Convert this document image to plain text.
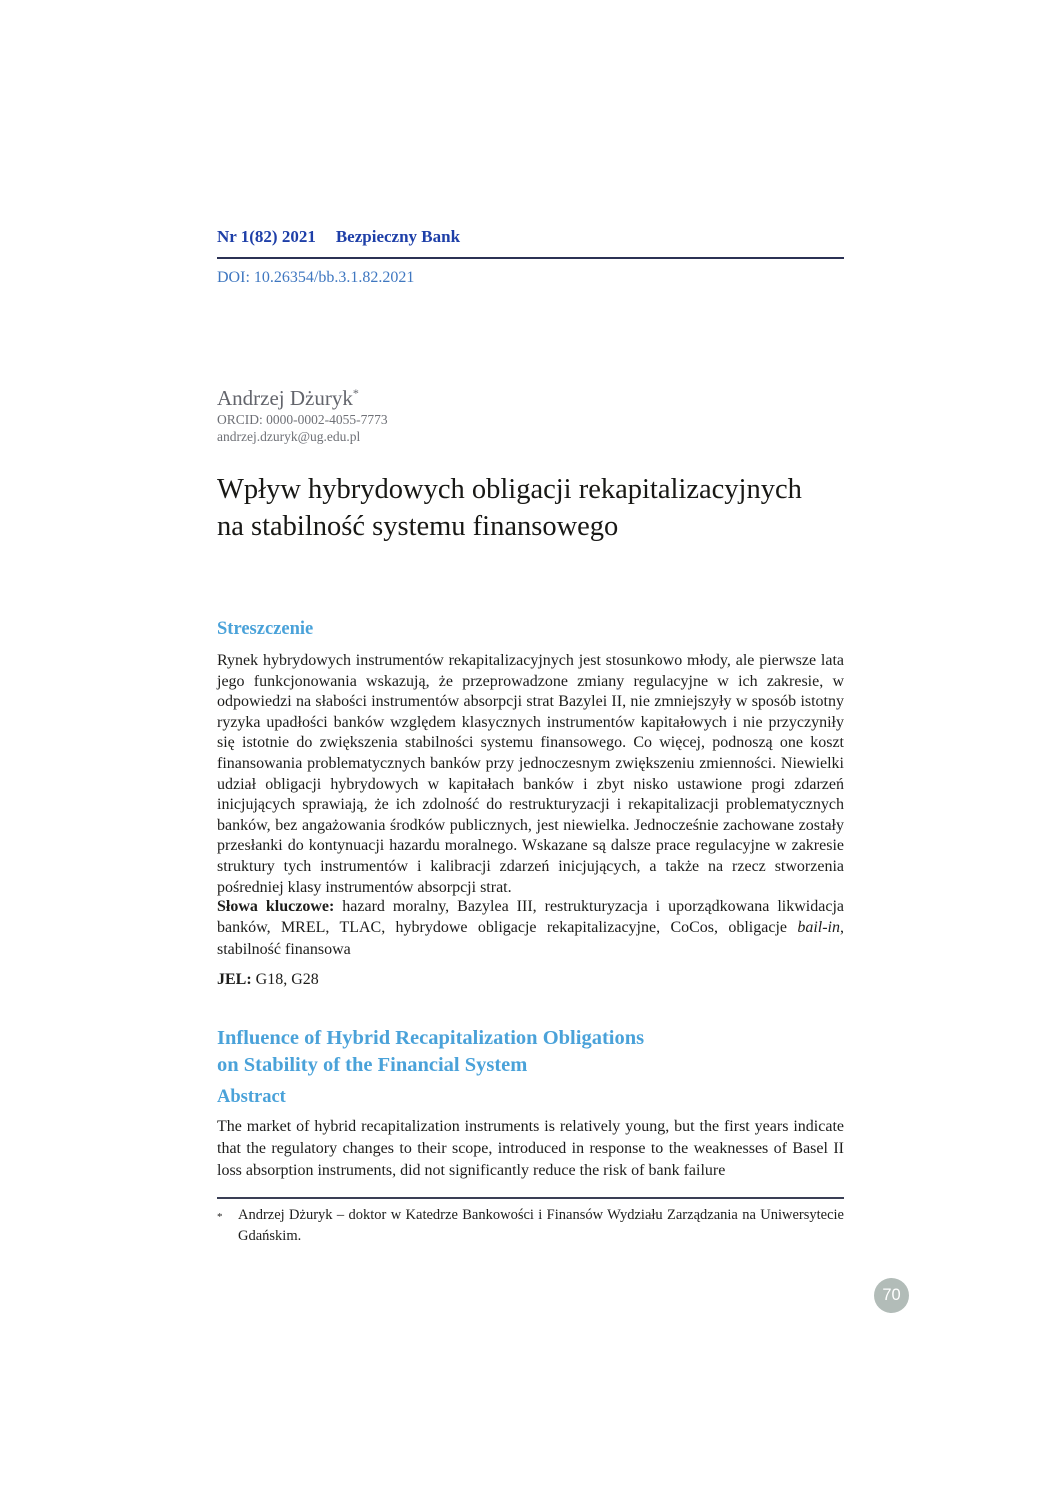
Nr 1(82) 2021 Bezpieczny Bank
DOI: 10.26354/bb.3.1.82.2021
Andrzej Dżuryk*
ORCID: 0000-0002-4055-7773
andrzej.dzuryk@ug.edu.pl
Wpływ hybrydowych obligacji rekapitalizacyjnych
na stabilność systemu finansowego
Streszczenie
Rynek hybrydowych instrumentów rekapitalizacyjnych jest stosunkowo młody, ale pierwsze lata jego funkcjonowania wskazują, że przeprowadzone zmiany regulacyjne w ich zakresie, w odpowiedzi na słabości instrumentów absorpcji strat Bazylei II, nie zmniejszyły w sposób istotny ryzyka upadłości banków względem klasycznych instrumentów kapitałowych i nie przyczyniły się istotnie do zwiększenia stabilności systemu finansowego. Co więcej, podnoszą one koszt finansowania problematycznych banków przy jednoczesnym zwiększeniu zmienności. Niewielki udział obligacji hybrydowych w kapitałach banków i zbyt nisko ustawione progi zdarzeń inicjujących sprawiają, że ich zdolność do restrukturyzacji i rekapitalizacji problematycznych banków, bez angażowania środków publicznych, jest niewielka. Jednocześnie zachowane zostały przesłanki do kontynuacji hazardu moralnego. Wskazane są dalsze prace regulacyjne w zakresie struktury tych instrumentów i kalibracji zdarzeń inicjujących, a także na rzecz stworzenia pośredniej klasy instrumentów absorpcji strat.
Słowa kluczowe: hazard moralny, Bazylea III, restrukturyzacja i uporządkowana likwidacja banków, MREL, TLAC, hybrydowe obligacje rekapitalizacyjne, CoCos, obligacje bail-in, stabilność finansowa
JEL: G18, G28
Influence of Hybrid Recapitalization Obligations
on Stability of the Financial System
Abstract
The market of hybrid recapitalization instruments is relatively young, but the first years indicate that the regulatory changes to their scope, introduced in response to the weaknesses of Basel II loss absorption instruments, did not significantly reduce the risk of bank failure
*	Andrzej Dżuryk – doktor w Katedrze Bankowości i Finansów Wydziału Zarządzania na Uniwersytecie Gdańskim.
70
